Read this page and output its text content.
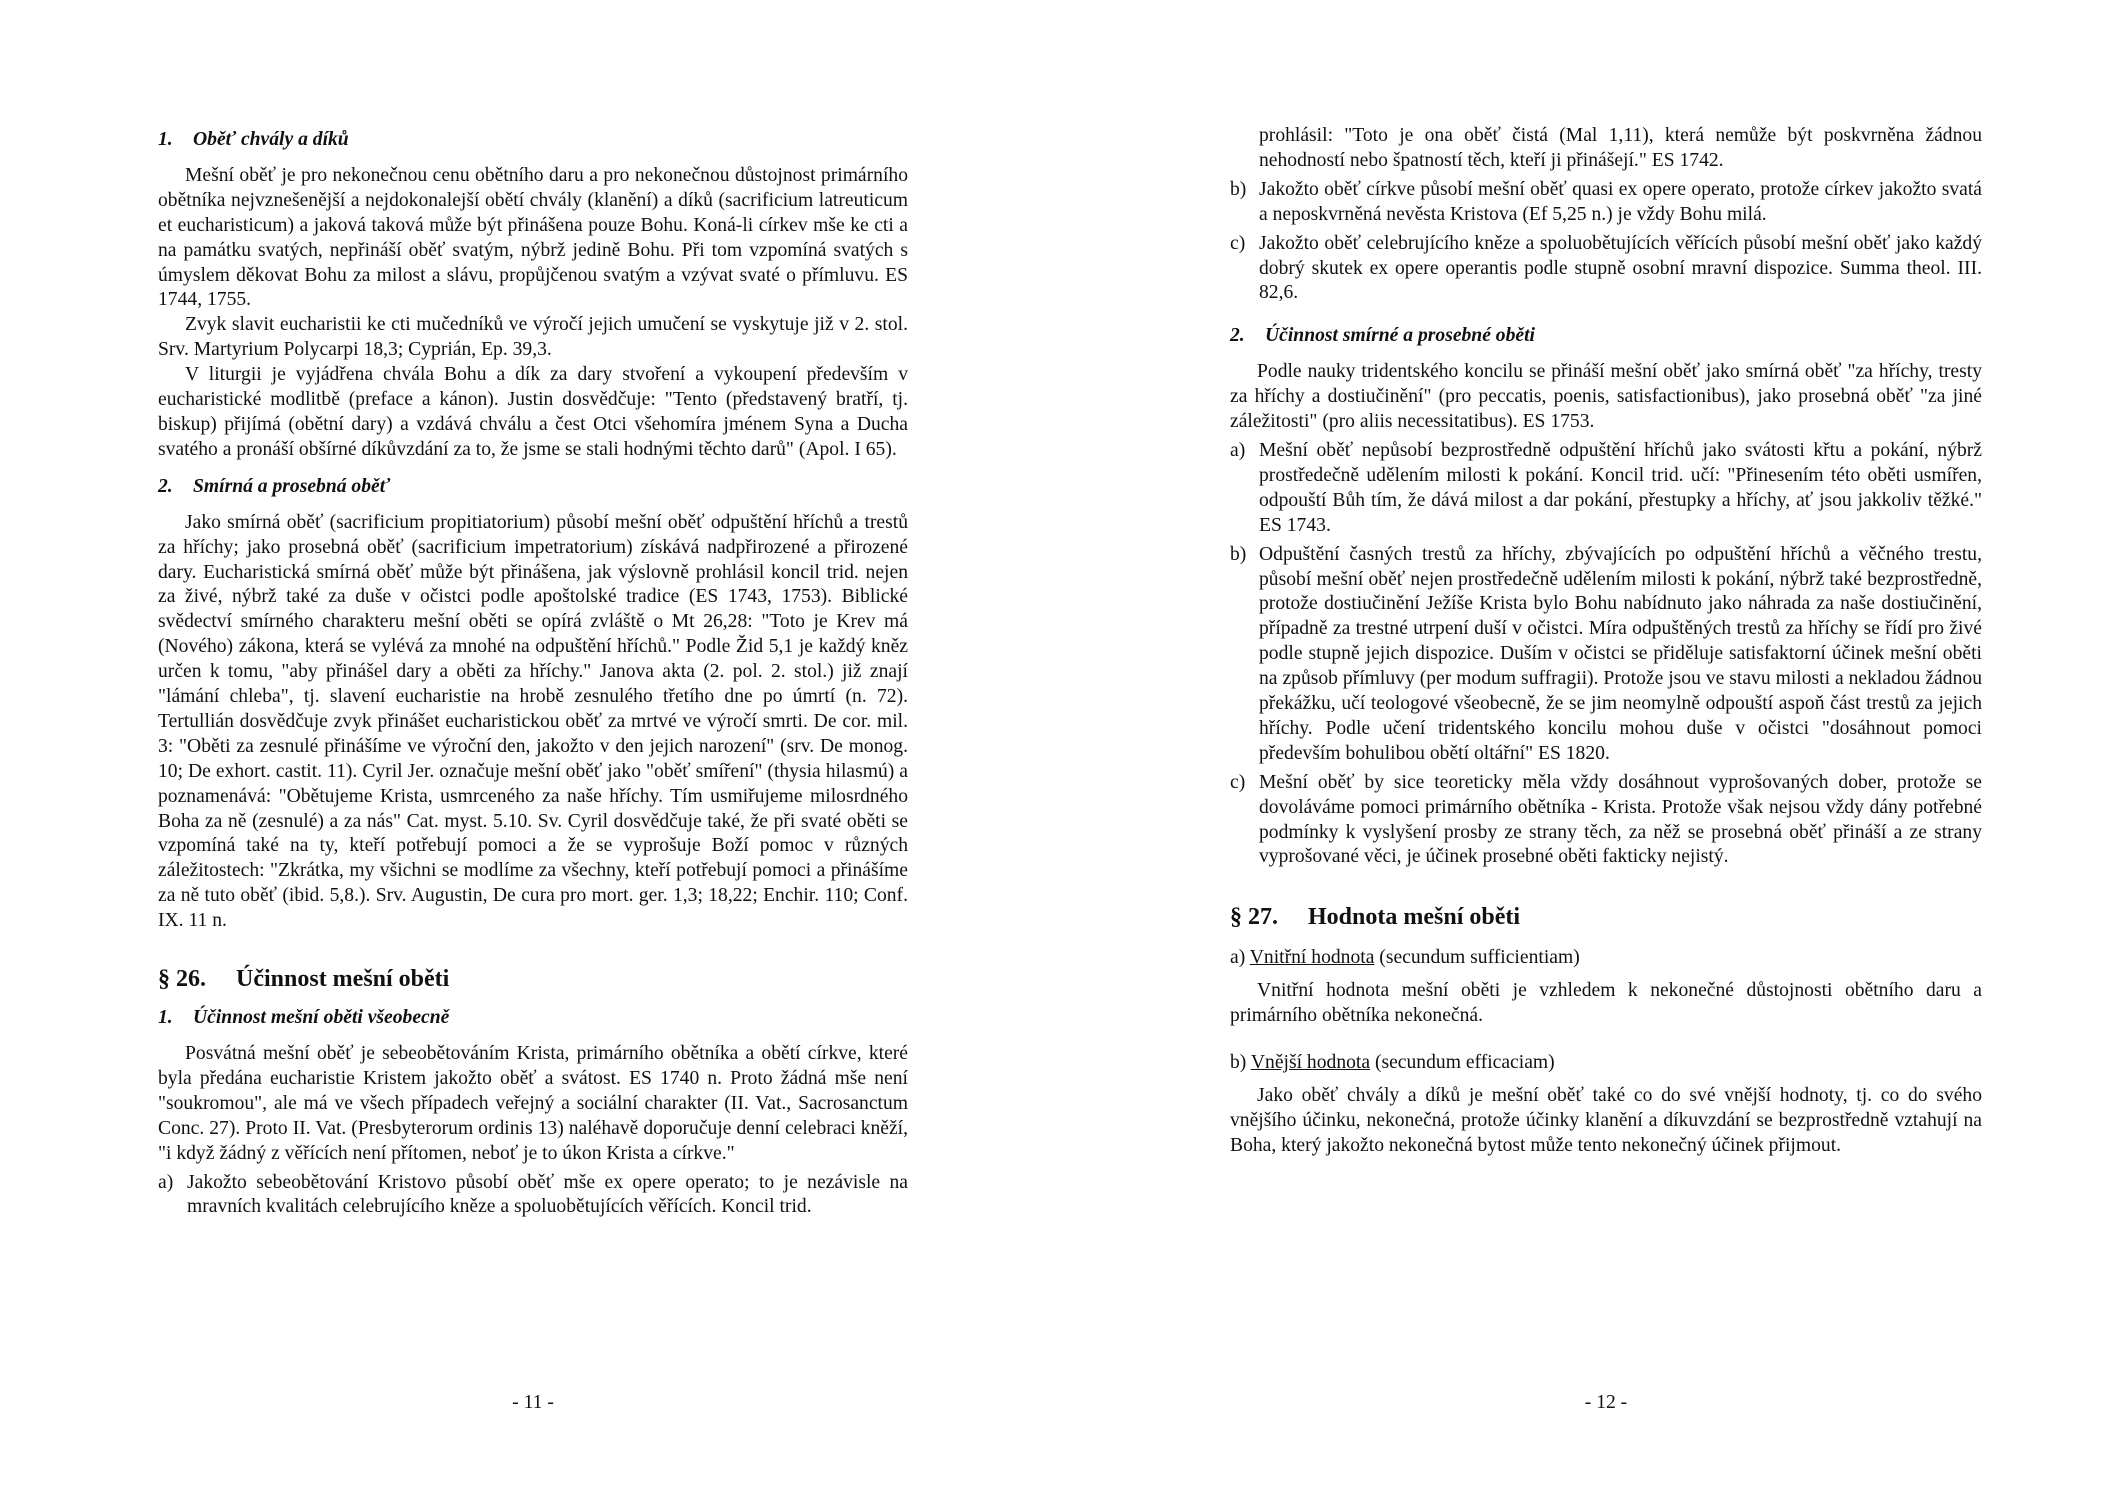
1. Oběť chvály a díků

Mešní oběť je pro nekonečnou cenu obětního daru a pro nekonečnou důstojnost primárního obětníka nejvznešenější a nejdokonalejší obětí chvály (klanění) a díků (sacrificium latreuticum et eucharisticum) a jaková taková může být přinášena pouze Bohu. Koná-li církev mše ke cti a na památku svatých, nepřináší oběť svatým, nýbrž jedině Bohu. Při tom vzpomíná svatých s úmyslem děkovat Bohu za milost a slávu, propůjčenou svatým a vzývat svaté o přímluvu. ES 1744, 1755.

Zvyk slavit eucharistii ke cti mučedníků ve výročí jejich umučení se vyskytuje již v 2. stol. Srv. Martyrium Polycarpi 18,3; Cyprián, Ep. 39,3.

V liturgii je vyjádřena chvála Bohu a dík za dary stvoření a vykoupení především v eucharistické modlitbě (preface a kánon). Justin dosvědčuje: "Tento (představený bratří, tj. biskup) přijímá (obětní dary) a vzdává chválu a čest Otci všehomíra jménem Syna a Ducha svatého a pronáší obšírné díkůvzdání za to, že jsme se stali hodnými těchto darů" (Apol. I 65).

2. Smírná a prosebná oběť

Jako smírná oběť (sacrificium propitiatorium) působí mešní oběť odpuštění hříchů a trestů za hříchy; jako prosebná oběť (sacrificium impetratorium) získává nadpřirozené a přirozené dary. Eucharistická smírná oběť může být přinášena, jak výslovně prohlásil koncil trid. nejen za živé, nýbrž také za duše v očistci podle apoštolské tradice (ES 1743, 1753). Biblické svědectví smírného charakteru mešní oběti se opírá zvláště o Mt 26,28: "Toto je Krev má (Nového) zákona, která se vylévá za mnohé na odpuštění hříchů." Podle Žid 5,1 je každý kněz určen k tomu, "aby přinášel dary a oběti za hříchy." Janova akta (2. pol. 2. stol.) již znají "lámání chleba", tj. slavení eucharistie na hrobě zesnulého třetího dne po úmrtí (n. 72). Tertullián dosvědčuje zvyk přinášet eucharistickou oběť za mrtvé ve výročí smrti. De cor. mil. 3: "Oběti za zesnulé přinášíme ve výroční den, jakožto v den jejich narození" (srv. De monog. 10; De exhort. castit. 11). Cyril Jer. označuje mešní oběť jako "oběť smíření" (thysia hilasmú) a poznamenává: "Obětujeme Krista, usmrceného za naše hříchy. Tím usmiřujeme milosrdného Boha za ně (zesnulé) a za nás" Cat. myst. 5.10. Sv. Cyril dosvědčuje také, že při svaté oběti se vzpomíná také na ty, kteří potřebují pomoci a že se vyprošuje Boží pomoc v různých záležitostech: "Zkrátka, my všichni se modlíme za všechny, kteří potřebují pomoci a přinášíme za ně tuto oběť (ibid. 5,8.). Srv. Augustin, De cura pro mort. ger. 1,3; 18,22; Enchir. 110; Conf. IX. 11 n.

§ 26. Účinnost mešní oběti
1. Účinnost mešní oběti všeobecně

Posvátná mešní oběť je sebeobětováním Krista, primárního obětníka a obětí církve, které byla předána eucharistie Kristem jakožto oběť a svátost. ES 1740 n. Proto žádná mše není "soukromou", ale má ve všech případech veřejný a sociální charakter (II. Vat., Sacrosanctum Conc. 27). Proto II. Vat. (Presbyterorum ordinis 13) naléhavě doporučuje denní celebraci kněží, "i když žádný z věřících není přítomen, neboť je to úkon Krista a církve."

a) Jakožto sebeobětování Kristovo působí oběť mše ex opere operato; to je nezávisle na mravních kvalitách celebrujícího kněze a spoluobětujících věřících. Koncil trid.

- 11 -

prohlásil: "Toto je ona oběť čistá (Mal 1,11), která nemůže být poskvrněna žádnou nehodností nebo špatností těch, kteří ji přinášejí." ES 1742.

b) Jakožto oběť církve působí mešní oběť quasi ex opere operato, protože církev jakožto svatá a neposkvrněná nevěsta Kristova (Ef 5,25 n.) je vždy Bohu milá.

c) Jakožto oběť celebrujícího kněze a spoluobětujících věřících působí mešní oběť jako každý dobrý skutek ex opere operantis podle stupně osobní mravní dispozice. Summa theol. III. 82,6.

2. Účinnost smírné a prosebné oběti

Podle nauky tridentského koncilu se přináší mešní oběť jako smírná oběť "za hříchy, tresty za hříchy a dostiučinění" (pro peccatis, poenis, satisfactionibus), jako prosebná oběť "za jiné záležitosti" (pro aliis necessitatibus). ES 1753.

a) Mešní oběť nepůsobí bezprostředně odpuštění hříchů jako svátosti křtu a pokání, nýbrž prostředečně udělením milosti k pokání. Koncil trid. učí: "Přinesením této oběti usmířen, odpouští Bůh tím, že dává milost a dar pokání, přestupky a hříchy, ať jsou jakkoliv těžké." ES 1743.

b) Odpuštění časných trestů za hříchy, zbývajících po odpuštění hříchů a věčného trestu, působí mešní oběť nejen prostředečně udělením milosti k pokání, nýbrž také bezprostředně, protože dostiučinění Ježíše Krista bylo Bohu nabídnuto jako náhrada za naše dostiučinění, případně za trestné utrpení duší v očistci. Míra odpuštěných trestů za hříchy se řídí pro živé podle stupně jejich dispozice. Duším v očistci se přiděluje satisfaktorní účinek mešní oběti na způsob přímluvy (per modum suffragii). Protože jsou ve stavu milosti a nekladou žádnou překážku, učí teologové všeobecně, že se jim neomylně odpouští aspoň část trestů za jejich hříchy. Podle učení tridentského koncilu mohou duše v očistci "dosáhnout pomoci především bohulibou obětí oltářní" ES 1820.

c) Mešní oběť by sice teoreticky měla vždy dosáhnout vyprošovaných dober, protože se dovoláváme pomoci primárního obětníka - Krista. Protože však nejsou vždy dány potřebné podmínky k vyslyšení prosby ze strany těch, za něž se prosebná oběť přináší a ze strany vyprošované věci, je účinek prosebné oběti fakticky nejistý.

§ 27. Hodnota mešní oběti
a) Vnitřní hodnota (secundum sufficientiam)

Vnitřní hodnota mešní oběti je vzhledem k nekonečné důstojnosti obětního daru a primárního obětníka nekonečná.

b) Vnější hodnota (secundum efficaciam)

Jako oběť chvály a díků je mešní oběť také co do své vnější hodnoty, tj. co do svého vnějšího účinku, nekonečná, protože účinky klanění a díkuvzdání se bezprostředně vztahují na Boha, který jakožto nekonečná bytost může tento nekonečný účinek přijmout.

- 12 -
